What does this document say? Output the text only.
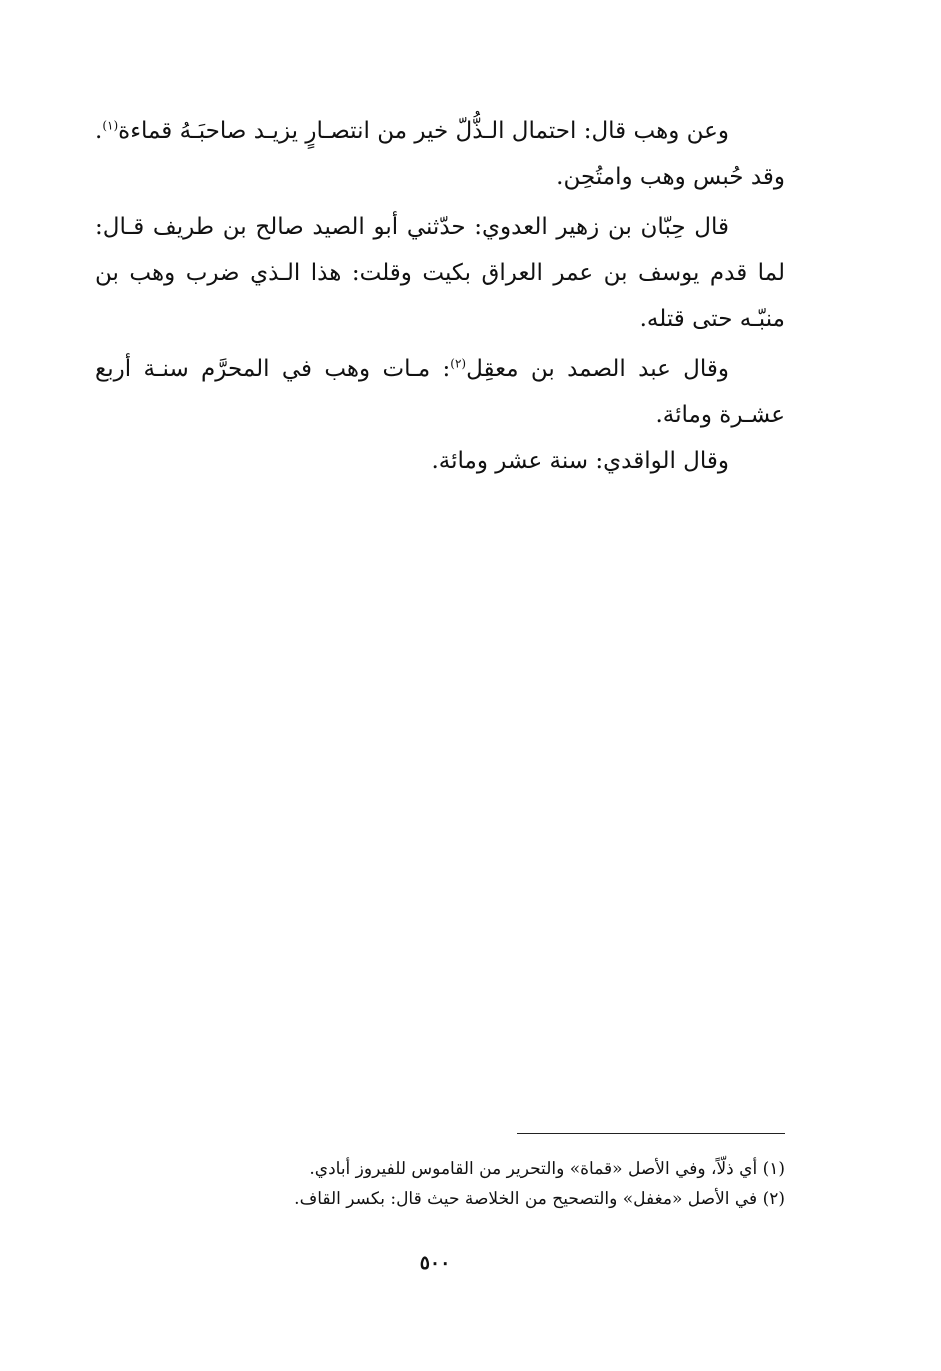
وعن وهب قال: احتمال الـذُّلّ خير من انتصـارٍ يزيـد صاحبَـهُ قماءة$^{(١)}$. وقد حُبس وهب وامتُحِن.

قال حِبّان بن زهير العدوي: حدّثني أبو الصيد صالح بن طريف قـال: لما قدم يوسف بن عمر العراق بكيت وقلت: هذا الـذي ضرب وهب بن منبّـه حتى قتله.

وقال عبد الصمد بن معقِل$^{(٢)}$: مـات وهب في المحرَّم سنـة أربع عشـرة ومائة.

وقال الواقدي: سنة عشر ومائة.

(١) أي ذلّاً، وفي الأصل «قماة» والتحرير من القاموس للفيروز أبادي.

(٢) في الأصل «مغفل» والتصحيح من الخلاصة حيث قال: بكسر القاف.

٥٠٠
